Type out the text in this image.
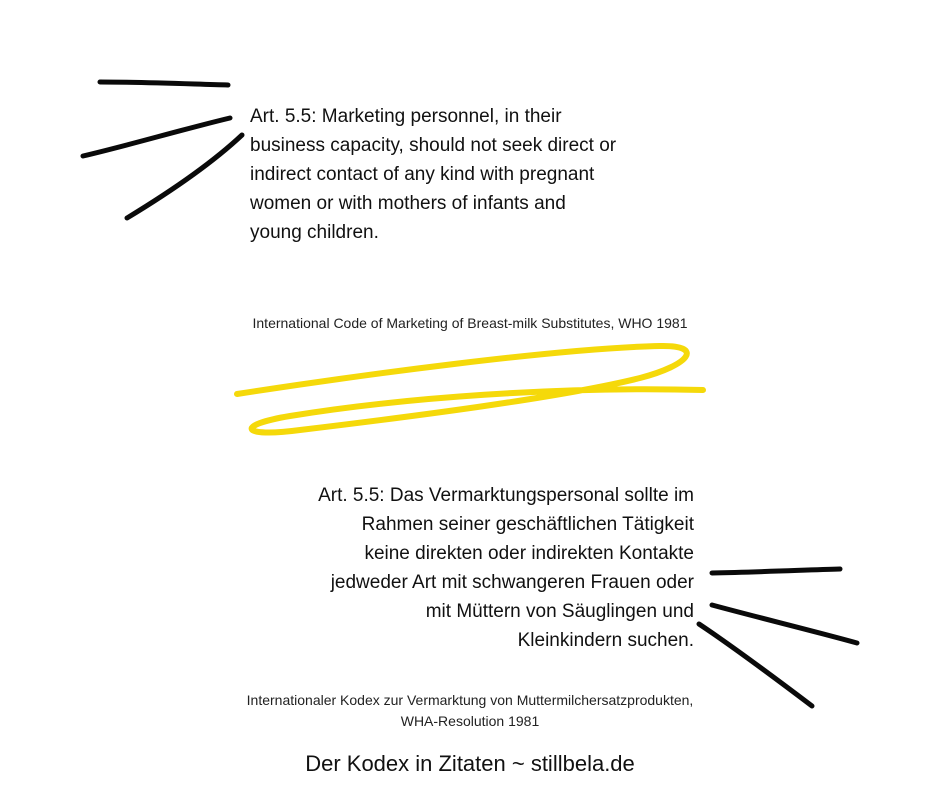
Art. 5.5: Marketing personnel, in their
business capacity, should not seek direct or
indirect contact of any kind with pregnant
women or with mothers of infants and
young children.
International Code of Marketing of Breast-milk Substitutes, WHO 1981
Art. 5.5: Das Vermarktungspersonal sollte im
Rahmen seiner geschäftlichen Tätigkeit
keine direkten oder indirekten Kontakte
jedweder Art mit schwangeren Frauen oder
mit Müttern von Säuglingen und
Kleinkindern suchen.
Internationaler Kodex zur Vermarktung von Muttermilchersatzprodukten,
WHA-Resolution 1981
Der Kodex in Zitaten ~ stillbela.de
